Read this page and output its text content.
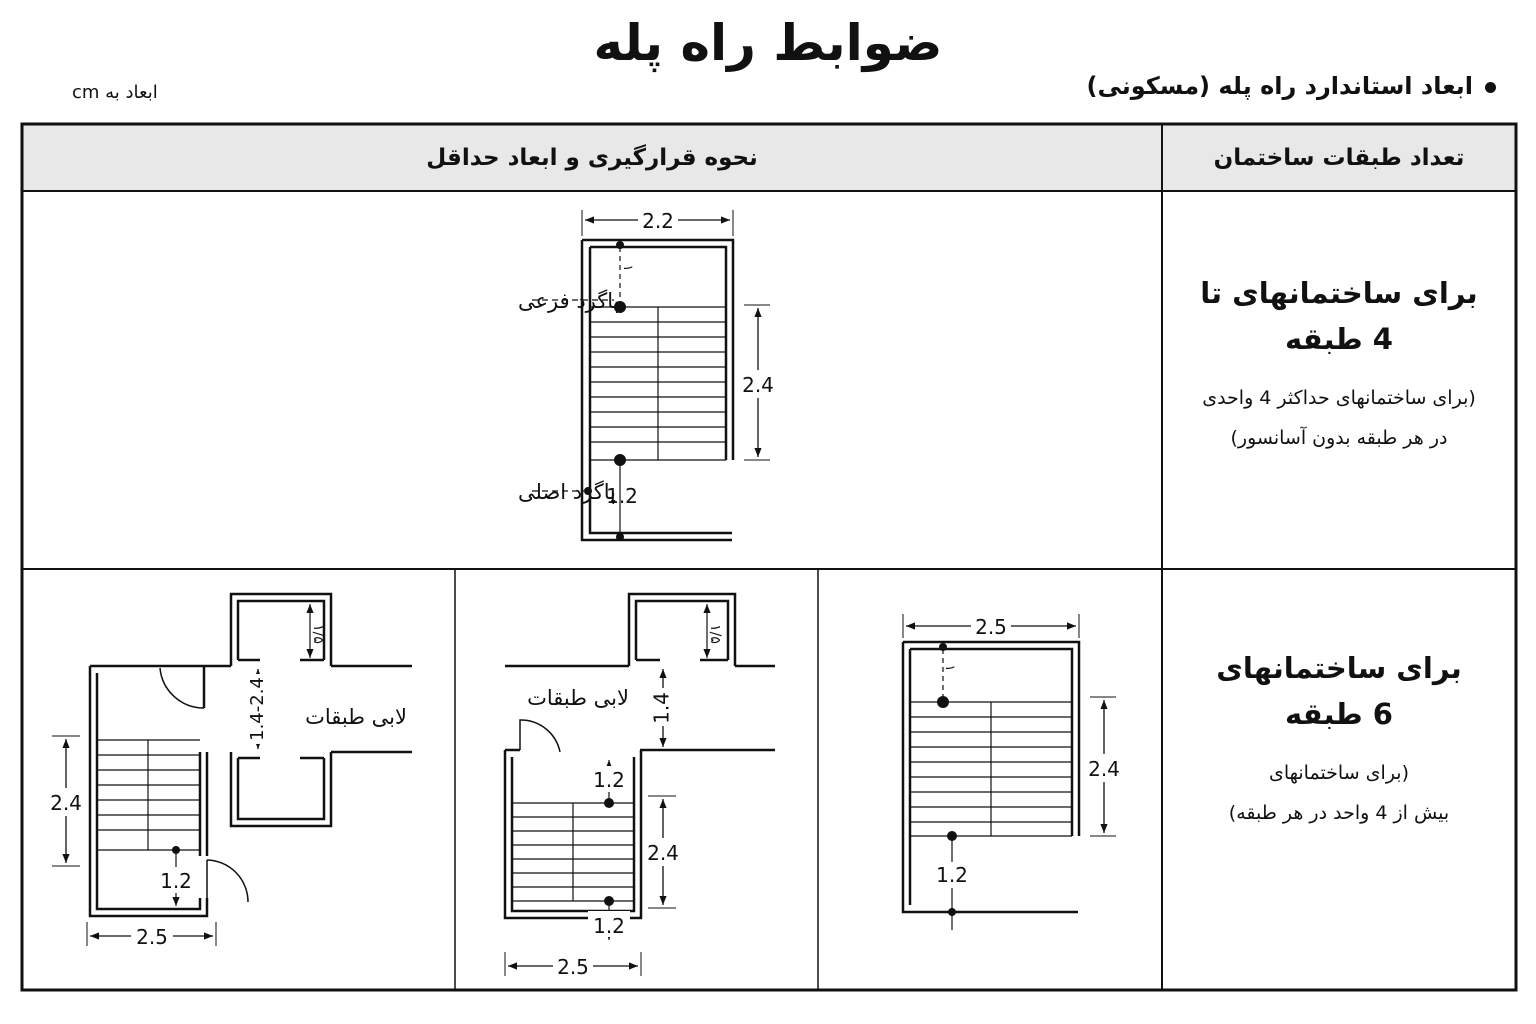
2.2
2.4
1.2
۱
پاگرد فرعی
پاگرد اصلی
2.5
2.4
1.2
۱
1.2
1.2
2.4
1.4
۱/۵
لابی طبقات
2.5
1.2
2.4
1.4-2.4
۱/۵
لابی طبقات
2.5
ضوابط راه پله
ابعاد استاندارد راه پله (مسکونی)
ابعاد به cm
تعداد طبقات ساختمان
نحوه قرارگیری و ابعاد حداقل
برای ساختمانهای تا
4 طبقه
(برای ساختمانهای حداکثر 4 واحدی
در هر طبقه بدون آسانسور)
برای ساختمانهای
6 طبقه
(برای ساختمانهای
بیش از 4 واحد در هر طبقه)
